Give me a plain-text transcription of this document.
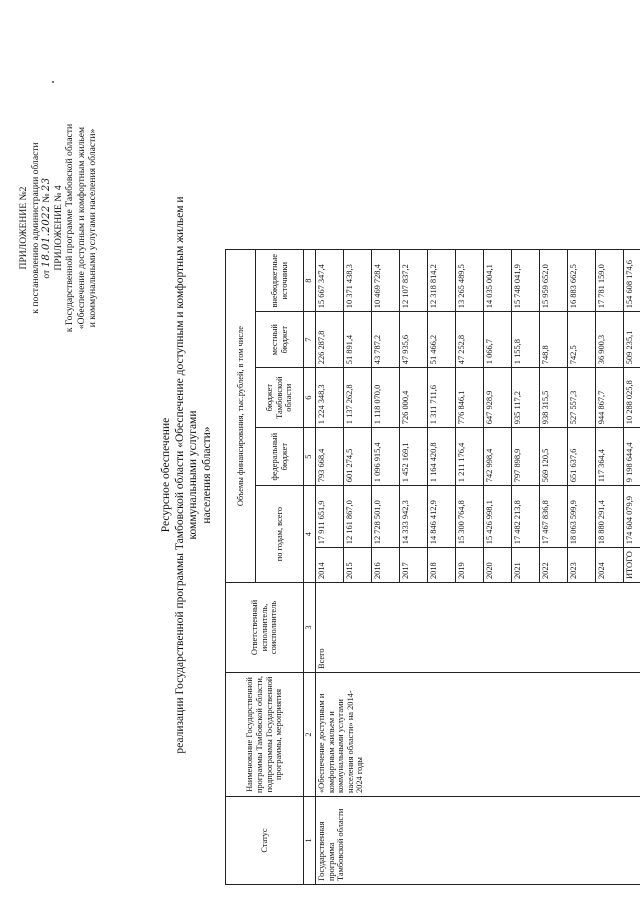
ПРИЛОЖЕНИЕ №2 к постановлению администрации области от 18.01.2022 № 23
ПРИЛОЖЕНИЕ № 4 к Государственной программе Тамбовской области «Обеспечение доступным и комфортным жильем и коммунальными услугами населения области»
Ресурсное обеспечение реализации Государственной программы Тамбовской области «Обеспечение доступным и комфортным жильем и коммунальными услугами населения области»
Статус	Наименование Государственной программы Тамбовской области, подпрограммы Государственной программы, мероприятия	Ответственный исполнитель, соисполнитель	Объемы финансирования, тыс.рублей, в том числе					
			по годам, всего		федеральный бюджет	бюджет Тамбовской области	местный бюджет	внебюджетные источники
1	2	3	4		5	6	7	8
Государственная программа Тамбовской области	«Обеспечение доступным и комфортным жильем и коммунальными услугами населения области» на 2014-2024 годы	Всего	2014	17 911 651,9	793 668,4	1 224 348,3	226 287,8	15 667 347,4
			2015	12 161 867,0	601 274,5	1 137 262,8	51 891,4	10 371 438,3
			2016	12 728 501,0	1 096 915,4	1 118 070,0	43 787,2	10 469 728,4
			2017	14 333 942,3	1 452 169,1	726 000,4	47 935,6	12 107 837,2
			2018	14 846 412,9	1 164 420,8	1 311 711,6	51 466,2	12 318 814,2
			2019	15 300 764,8	1 211 176,4	776 846,1	47 252,8	13 265 489,5
			2020	15 426 998,1	742 998,4	647 928,9	1 066,7	14 035 004,1
			2021	17 482 213,8	797 898,9	935 117,2	1 155,8	15 748 041,9
			2022	17 467 836,8	569 120,5	938 315,5	748,8	15 959 652,0
			2023	18 063 599,9	651 637,6	527 557,3	742,5	16 883 662,5
			2024	18 880 291,4	117 364,4	944 867,7	36 900,3	17 781 159,0
			ИТОГО	174 604 079,9	9 198 644,4	10 288 025,8	509 235,1	154 608 174,6
